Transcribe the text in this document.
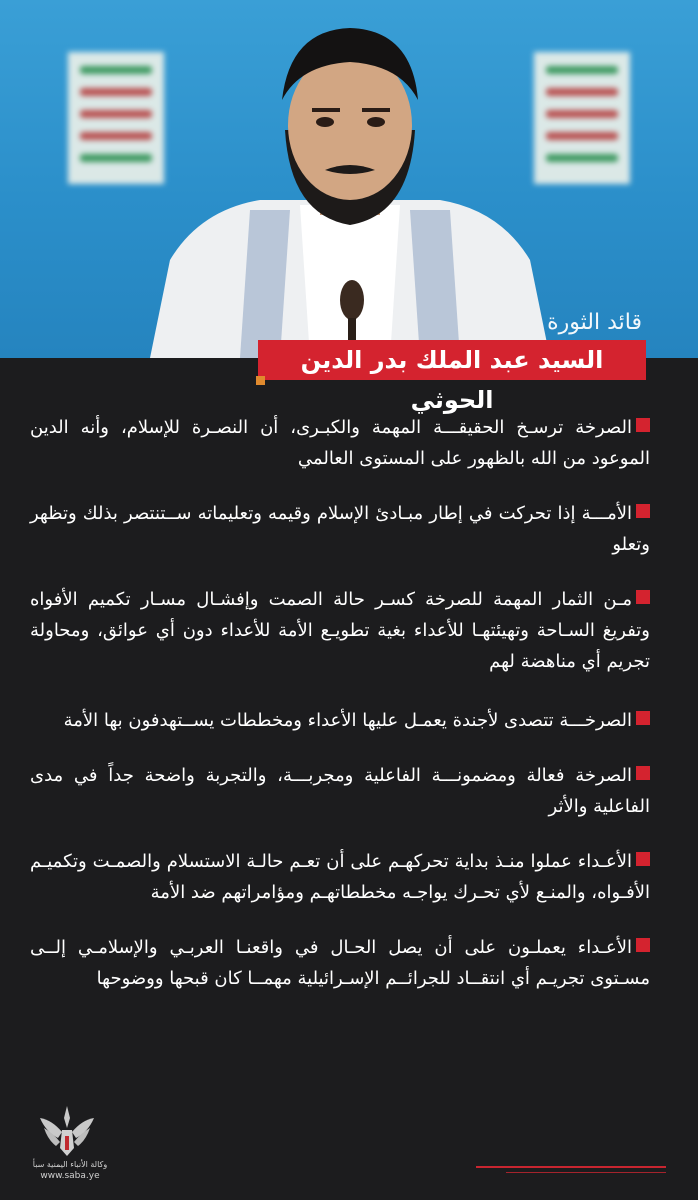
قائد الثورة
السيد عبد الملك بدر الدين الحوثي

الصرخة ترسـخ الحقيقـــة المهمة والكبـرى، أن النصـرة للإسلام، وأنه الدين الموعود من الله بالظهور على المستوى العالمي

الأمـــة إذا تحركت في إطار مبـادئ الإسلام وقيمه وتعليماته ســتنتصر بذلك وتظهر وتعلو

مـن الثمار المهمة للصرخة كسـر حالة الصمت وإفشـال مسـار تكميم الأفواه وتفريغ السـاحة وتهيئتهـا للأعداء بغية تطويـع الأمة للأعداء دون أي عوائق، ومحاولة تجريم أي مناهضة لهم

الصرخـــة تتصدى لأجندة يعمـل عليها الأعداء ومخططات يســتهدفون بها الأمة

الصرخة فعالة ومضمونـــة الفاعلية ومجربـــة، والتجربة واضحة جداً في مدى الفاعلية والأثر

الأعـداء عملوا منـذ بداية تحركهـم على أن تعـم حالـة الاستسلام والصمـت وتكميـم الأفـواه، والمنـع لأي تحـرك يواجـه مخططاتهـم ومؤامراتهم ضد الأمة

الأعـداء يعملـون على أن يصل الحـال في واقعنـا العربـي والإسلامـي إلــى مسـتوى تجريـم أي انتقــاد للجرائــم الإسـرائيلية مهمــا كان قبحها ووضوحها

وكالة الأنباء اليمنية سبأ
www.saba.ye
